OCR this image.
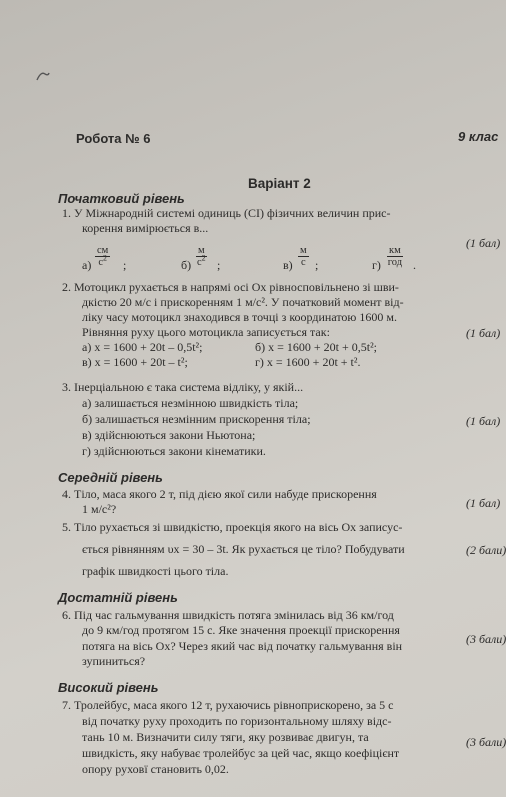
Робота № 6	9 клас
Варіант 2
Початковий рівень
1. У Міжнародній системі одиниць (СІ) фізичних величин прис-
корення вимірюється в...
а)
см
$с^2$ ;	б)
м
$с^2$ ;	в)
м
с ;	г)
км
год .
(1 бал)
2. Мотоцикл рухається в напрямі осі Ox рівносповільнено зі шви-
дкістю 20 м/с і прискоренням 1 м/с². У початковий момент від-
ліку часу мотоцикл знаходився в точці з координатою 1600 м.
Рівняння руху цього мотоцикла записується так:
а) x = 1600 + 20t – 0,5t²;	б) x = 1600 + 20t + 0,5t²;
в) x = 1600 + 20t – t²;	г) x = 1600 + 20t + t².
(1 бал)
3. Інерціальною є така система відліку, у якій...
а) залишається незмінною швидкість тіла;
б) залишається незмінним прискорення тіла;
в) здійснюються закони Ньютона;
г) здійснюються закони кінематики.
(1 бал)
Середній рівень
4. Тіло, маса якого 2 т, під дією якої сили набуде прискорення
1 м/с²?	(1 бал)
5. Тіло рухається зі швидкістю, проекція якого на вісь Ox записус-
ється рівнянням υx = 30 – 3t. Як рухається це тіло? Побудувати
графік швидкості цього тіла.
(2 бали)
Достатній рівень
6. Під час гальмування швидкість потяга змінилась від 36 км/год
до 9 км/год протягом 15 с. Яке значення проекції прискорення
потяга на вісь Ox? Через який час від початку гальмування він
зупиниться?
(3 бали)
Високий рівень
7. Тролейбус, маса якого 12 т, рухаючись рівноприскорено, за 5 с
від початку руху проходить по горизонтальному шляху відс-
тань 10 м. Визначити силу тяги, яку розвиває двигун, та
швидкість, яку набуває тролейбус за цей час, якщо коефіцієнт
опору руховї становить 0,02.
(3 бали)
